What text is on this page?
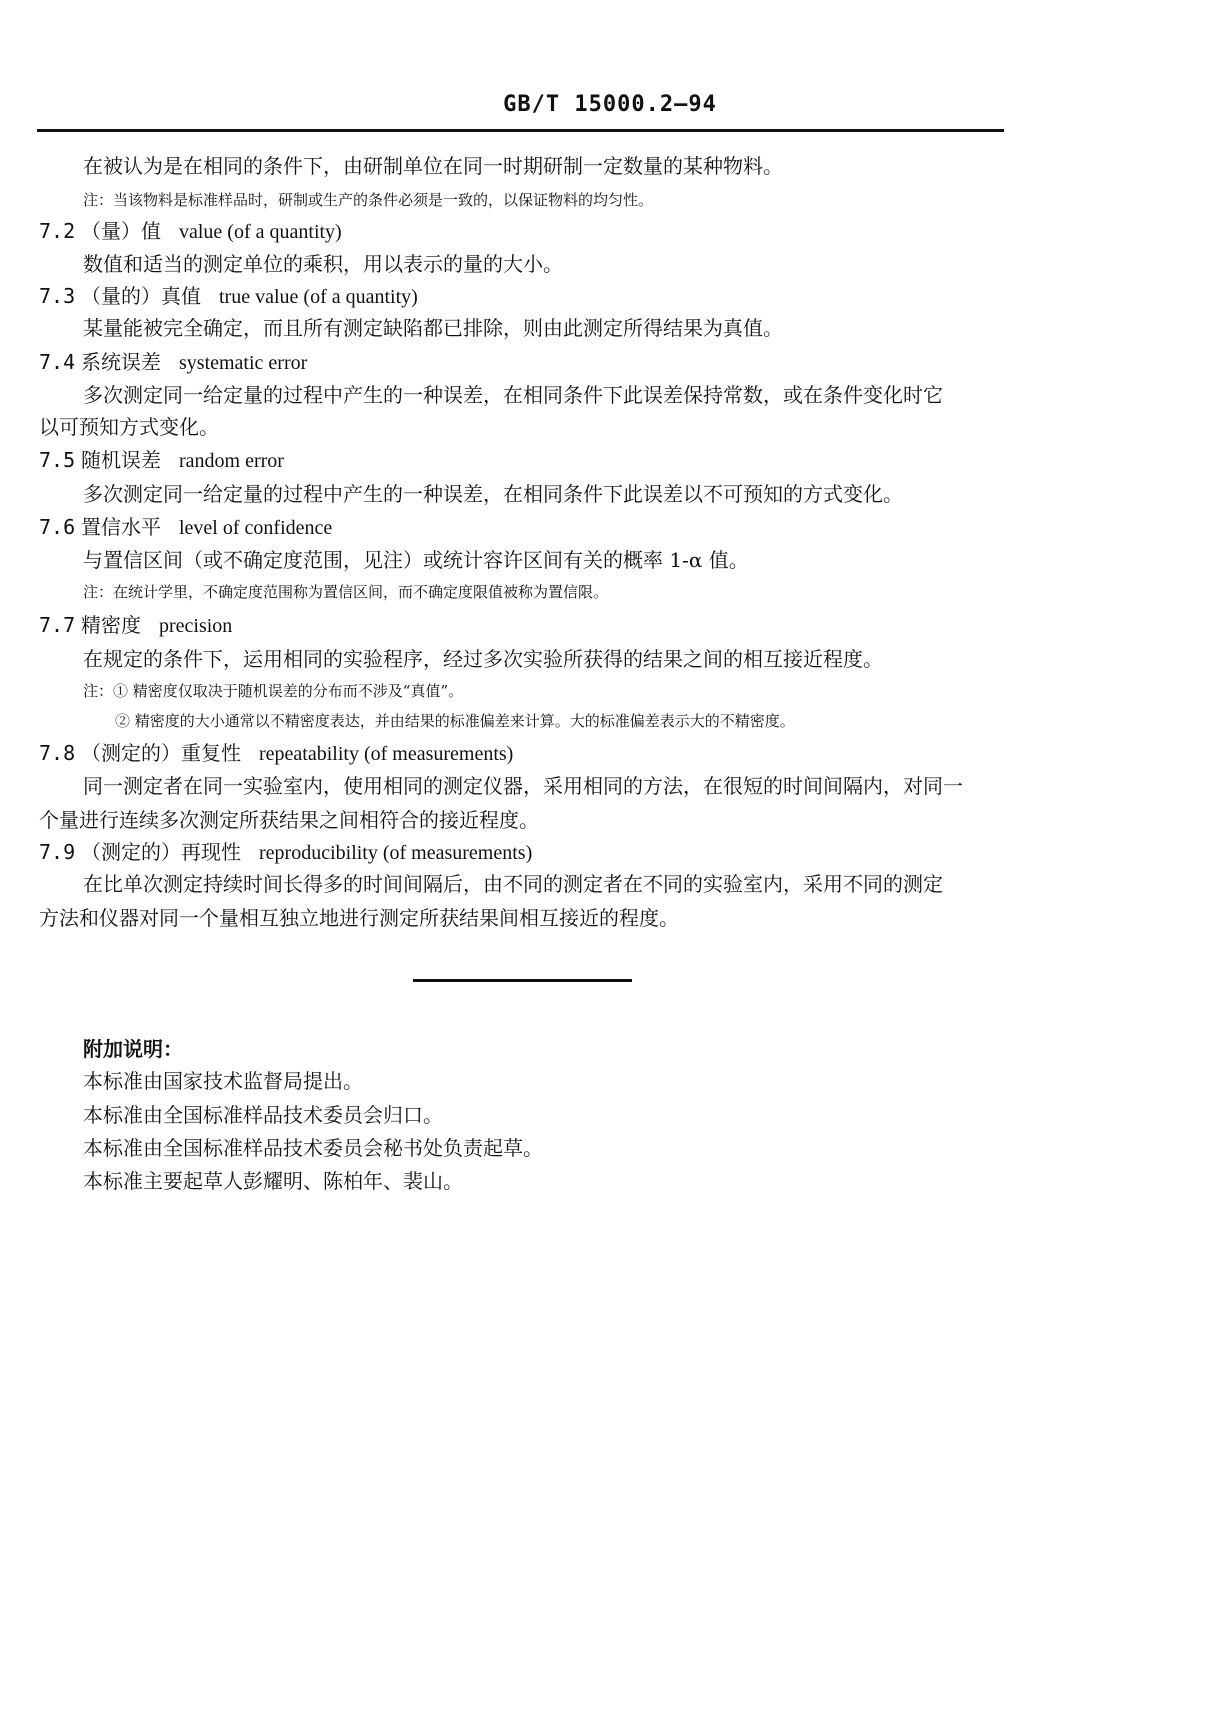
GB/T 15000.2—94
在被认为是在相同的条件下，由研制单位在同一时期研制一定数量的某种物料。
注：当该物料是标准样品时，研制或生产的条件必须是一致的，以保证物料的均匀性。
7.2 （量）值 value (of a quantity)
数值和适当的测定单位的乘积，用以表示的量的大小。
7.3 （量的）真值 true value (of a quantity)
某量能被完全确定，而且所有测定缺陷都已排除，则由此测定所得结果为真值。
7.4 系统误差 systematic error
多次测定同一给定量的过程中产生的一种误差，在相同条件下此误差保持常数，或在条件变化时它
以可预知方式变化。
7.5 随机误差 random error
多次测定同一给定量的过程中产生的一种误差，在相同条件下此误差以不可预知的方式变化。
7.6 置信水平 level of confidence
与置信区间（或不确定度范围，见注）或统计容许区间有关的概率 1-α 值。
注：在统计学里，不确定度范围称为置信区间，而不确定度限值被称为置信限。
7.7 精密度 precision
在规定的条件下，运用相同的实验程序，经过多次实验所获得的结果之间的相互接近程度。
注：① 精密度仅取决于随机误差的分布而不涉及“真值”。
② 精密度的大小通常以不精密度表达，并由结果的标准偏差来计算。大的标准偏差表示大的不精密度。
7.8 （测定的）重复性 repeatability (of measurements)
同一测定者在同一实验室内，使用相同的测定仪器，采用相同的方法，在很短的时间间隔内，对同一
个量进行连续多次测定所获结果之间相符合的接近程度。
7.9 （测定的）再现性 reproducibility (of measurements)
在比单次测定持续时间长得多的时间间隔后，由不同的测定者在不同的实验室内，采用不同的测定
方法和仪器对同一个量相互独立地进行测定所获结果间相互接近的程度。
附加说明：
本标准由国家技术监督局提出。
本标准由全国标准样品技术委员会归口。
本标准由全国标准样品技术委员会秘书处负责起草。
本标准主要起草人彭耀明、陈柏年、裴山。
